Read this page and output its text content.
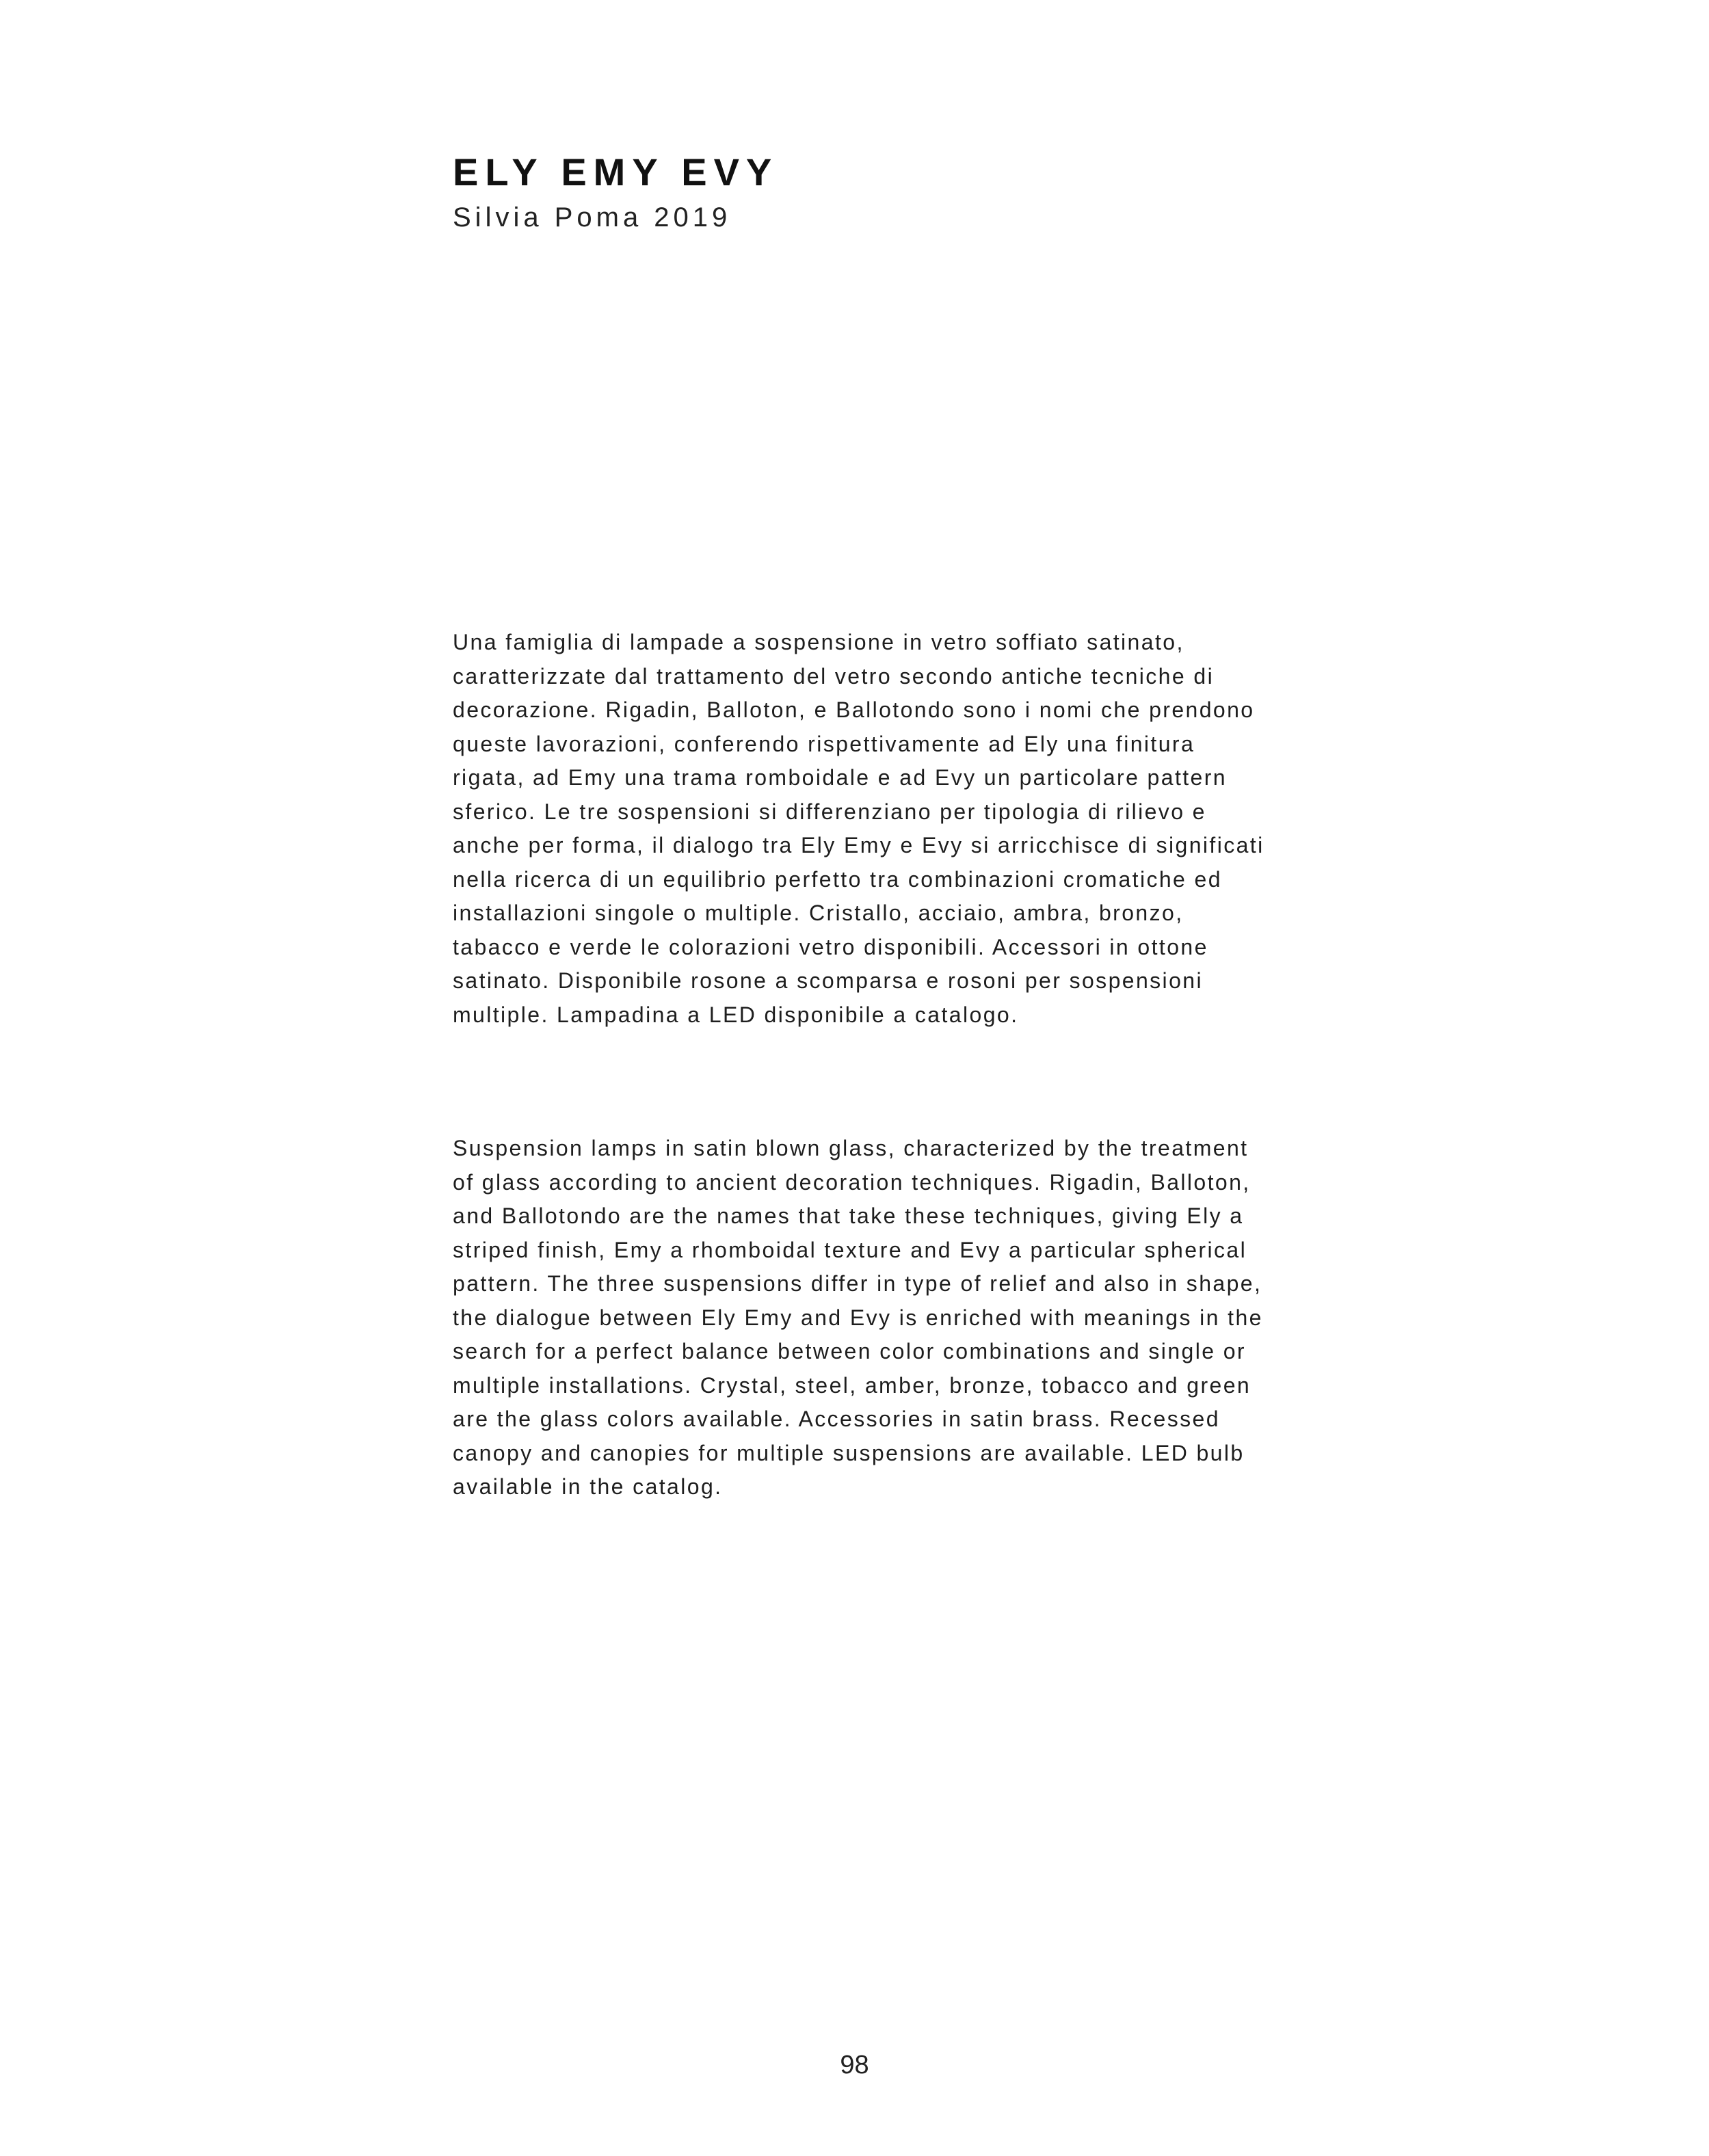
ELY EMY EVY

Silvia Poma 2019

Una famiglia di lampade a sospensione in vetro soffiato satinato, caratterizzate dal trattamento del vetro secondo antiche tecniche di decorazione. Rigadin, Balloton, e Ballotondo sono i nomi che prendono queste lavorazioni, conferendo rispettivamente ad Ely una finitura rigata, ad Emy una trama romboidale e ad Evy un particolare pattern sferico. Le tre sospensioni si differenziano per tipologia di rilievo e anche per forma, il dialogo tra Ely Emy e Evy si arricchisce di significati nella ricerca di un equilibrio perfetto tra combinazioni cromatiche ed installazioni singole o multiple. Cristallo, acciaio, ambra, bronzo, tabacco e verde le colorazioni vetro disponibili. Accessori in ottone satinato. Disponibile rosone a scomparsa e rosoni per sospensioni multiple. Lampadina a LED disponibile a catalogo.

Suspension lamps in satin blown glass, characterized by the treatment of glass according to ancient decoration techniques. Rigadin, Balloton, and Ballotondo are the names that take these techniques, giving Ely a striped finish, Emy a rhomboidal texture and Evy a particular spherical pattern. The three suspensions differ in type of relief and also in shape, the dialogue between Ely Emy and Evy is enriched with meanings in the search for a perfect balance between color combinations and single or multiple installations. Crystal, steel, amber, bronze, tobacco and green are the glass colors available. Accessories in satin brass. Recessed canopy and canopies for multiple suspensions are available. LED bulb available in the catalog.

98
